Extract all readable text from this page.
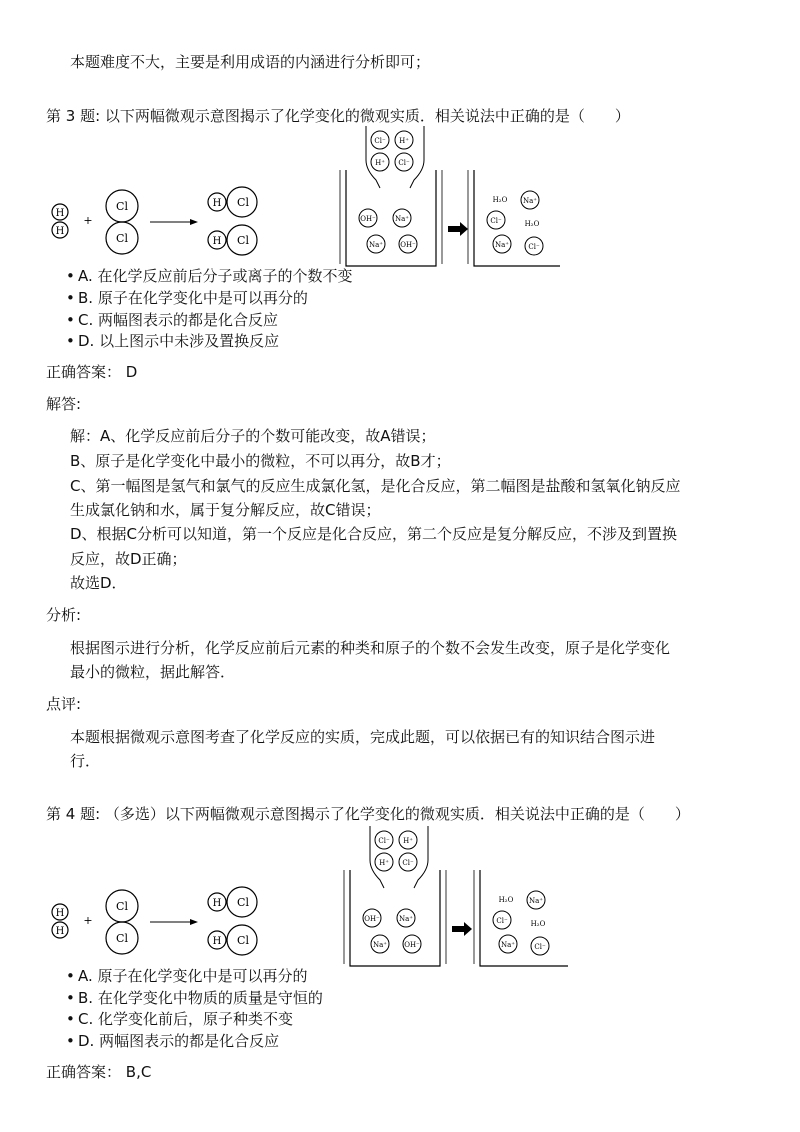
本题难度不大，主要是利用成语的内涵进行分析即可；
第 3 题: 以下两幅微观示意图揭示了化学变化的微观实质．相关说法中正确的是（　　）
H
H
+
Cl
Cl
H Cl
H Cl
OH⁻	Na⁺
Na⁺ OH⁻
Cl⁻ H⁺
H⁺ Cl⁻
H₂O Na⁺
Cl⁻	H₂O
Na⁺	Cl⁻
• A. 在化学反应前后分子或离子的个数不变
• B. 原子在化学变化中是可以再分的
• C. 两幅图表示的都是化合反应
• D. 以上图示中未涉及置换反应
正确答案： D
解答:
解：A、化学反应前后分子的个数可能改变，故A错误；
B、原子是化学变化中最小的微粒，不可以再分，故B才；
C、第一幅图是氢气和氯气的反应生成氯化氢，是化合反应，第二幅图是盐酸和氢氧化钠反应
生成氯化钠和水，属于复分解反应，故C错误；
D、根据C分析可以知道，第一个反应是化合反应，第二个反应是复分解反应，不涉及到置换
反应，故D正确；
故选D．
分析:
根据图示进行分析，化学反应前后元素的种类和原子的个数不会发生改变，原子是化学变化
最小的微粒，据此解答．
点评:
本题根据微观示意图考查了化学反应的实质，完成此题，可以依据已有的知识结合图示进
行．
第 4 题: （多选）以下两幅微观示意图揭示了化学变化的微观实质．相关说法中正确的是（　　）
H
H
+
Cl
Cl
H Cl
H Cl
OH⁻	Na⁺
Na⁺ OH⁻
Cl⁻ H⁺
H⁺ Cl⁻
H₂O Na⁺
Cl⁻	H₂O
Na⁺	Cl⁻
• A. 原子在化学变化中是可以再分的
• B. 在化学变化中物质的质量是守恒的
• C. 化学变化前后，原子种类不变
• D. 两幅图表示的都是化合反应
正确答案： B,C
